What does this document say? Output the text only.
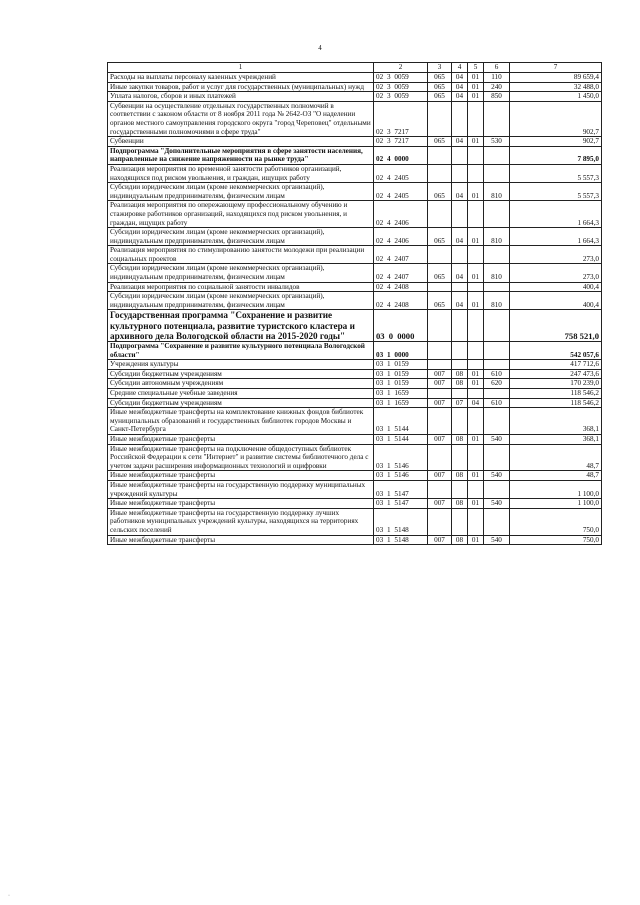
4
1	2	3	4	5	6	7
Расходы на выплаты персоналу казенных учреждений	02 3 0059	065	04	01	110	89 659,4
Иные закупки товаров, работ и услуг для государственных (муниципальных) нужд	02 3 0059	065	04	01	240	32 488,0
Уплата налогов, сборов и иных платежей	02 3 0059	065	04	01	850	1 450,0
Субвенции на осуществление отдельных государственных полномочий в соответствии с законом области от 8 ноября 2011 года № 2642-ОЗ "О наделении органов местного самоуправления городского округа "город Череповец" отдельными государственными полномочиями в сфере труда"	02 3 7217					902,7
Субвенции	02 3 7217	065	04	01	530	902,7
Подпрограмма "Дополнительные мероприятия в сфере занятости населения, направленные на снижение напряженности на рынке труда"	02 4 0000					7 895,0
Реализация мероприятия по временной занятости работников организаций, находящихся под риском увольнения, и граждан, ищущих работу	02 4 2405					5 557,3
Субсидии юридическим лицам (кроме некоммерческих организаций), индивидуальным предпринимателям, физическим лицам	02 4 2405	065	04	01	810	5 557,3
Реализация мероприятия по опережающему профессиональному обучению и стажировке работников организаций, находящихся под риском увольнения, и граждан, ищущих работу	02 4 2406					1 664,3
Субсидии юридическим лицам (кроме некоммерческих организаций), индивидуальным предпринимателям, физическим лицам	02 4 2406	065	04	01	810	1 664,3
Реализация мероприятия по стимулированию занятости молодежи при реализации социальных проектов	02 4 2407					273,0
Субсидии юридическим лицам (кроме некоммерческих организаций), индивидуальным предпринимателям, физическим лицам	02 4 2407	065	04	01	810	273,0
Реализация мероприятия по социальной занятости инвалидов	02 4 2408					400,4
Субсидии юридическим лицам (кроме некоммерческих организаций), индивидуальным предпринимателям, физическим лицам	02 4 2408	065	04	01	810	400,4
Государственная программа "Сохранение и развитие культурного потенциала, развитие туристского кластера и архивного дела Вологодской области на 2015-2020 годы"	03 0 0000					758 521,0
Подпрограмма "Сохранение и развитие культурного потенциала Вологодской области"	03 1 0000					542 057,6
Учреждения культуры	03 1 0159					417 712,6
Субсидии бюджетным учреждениям	03 1 0159	007	08	01	610	247 473,6
Субсидии автономным учреждениям	03 1 0159	007	08	01	620	170 239,0
Средние специальные учебные заведения	03 1 1659					118 546,2
Субсидии бюджетным учреждениям	03 1 1659	007	07	04	610	118 546,2
Иные межбюджетные трансферты на комплектование книжных фондов библиотек муниципальных образований и государственных библиотек городов Москвы и Санкт-Петербурга	03 1 5144					368,1
Иные межбюджетные трансферты	03 1 5144	007	08	01	540	368,1
Иные межбюджетные трансферты на подключение общедоступных библиотек Российской Федерации к сети "Интернет" и развитие системы библиотечного дела с учетом задачи расширения информационных технологий и оцифровки	03 1 5146					48,7
Иные межбюджетные трансферты	03 1 5146	007	08	01	540	48,7
Иные межбюджетные трансферты на государственную поддержку муниципальных учреждений культуры	03 1 5147					1 100,0
Иные межбюджетные трансферты	03 1 5147	007	08	01	540	1 100,0
Иные межбюджетные трансферты на государственную поддержку лучших работников муниципальных учреждений культуры, находящихся на территориях сельских поселений	03 1 5148					750,0
Иные межбюджетные трансферты	03 1 5148	007	08	01	540	750,0
·
